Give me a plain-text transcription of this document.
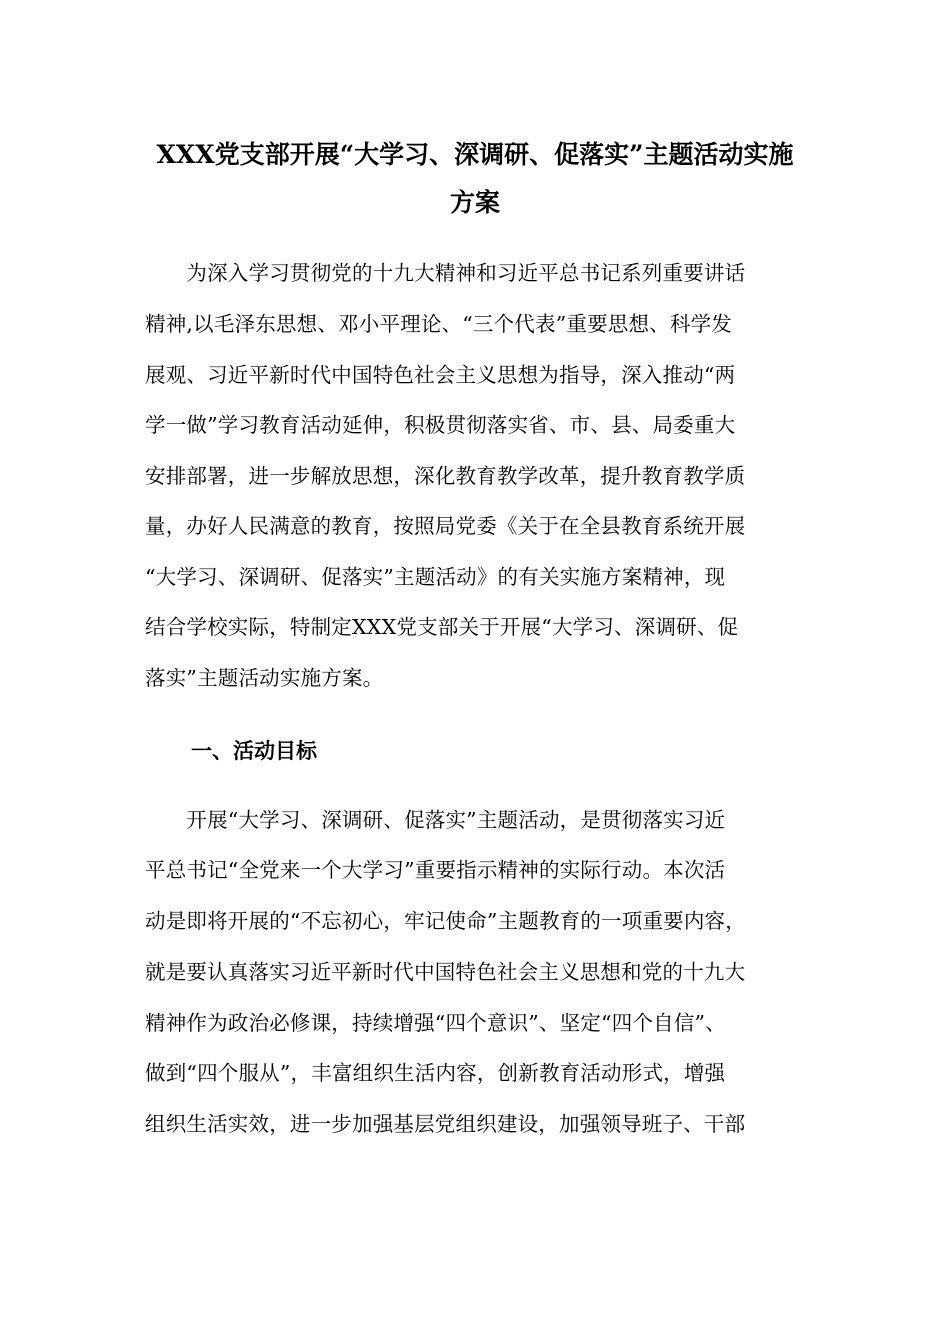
XXX党支部开展“大学习、深调研、促落实”主题活动实施
方案

　　为深入学习贯彻党的十九大精神和习近平总书记系列重要讲话

精神,以毛泽东思想、邓小平理论、“三个代表”重要思想、科学发

展观、习近平新时代中国特色社会主义思想为指导，深入推动“两

学一做”学习教育活动延伸，积极贯彻落实省、市、县、局委重大

安排部署，进一步解放思想，深化教育教学改革，提升教育教学质

量，办好人民满意的教育，按照局党委《关于在全县教育系统开展

“大学习、深调研、促落实”主题活动》的有关实施方案精神，现

结合学校实际，特制定XXX党支部关于开展“大学习、深调研、促

落实”主题活动实施方案。

一、活动目标

　　开展“大学习、深调研、促落实”主题活动，是贯彻落实习近

平总书记“全党来一个大学习”重要指示精神的实际行动。本次活

动是即将开展的“不忘初心，牢记使命”主题教育的一项重要内容，

就是要认真落实习近平新时代中国特色社会主义思想和党的十九大

精神作为政治必修课，持续增强“四个意识”、坚定“四个自信”、

做到“四个服从”，丰富组织生活内容，创新教育活动形式，增强

组织生活实效，进一步加强基层党组织建设，加强领导班子、干部
